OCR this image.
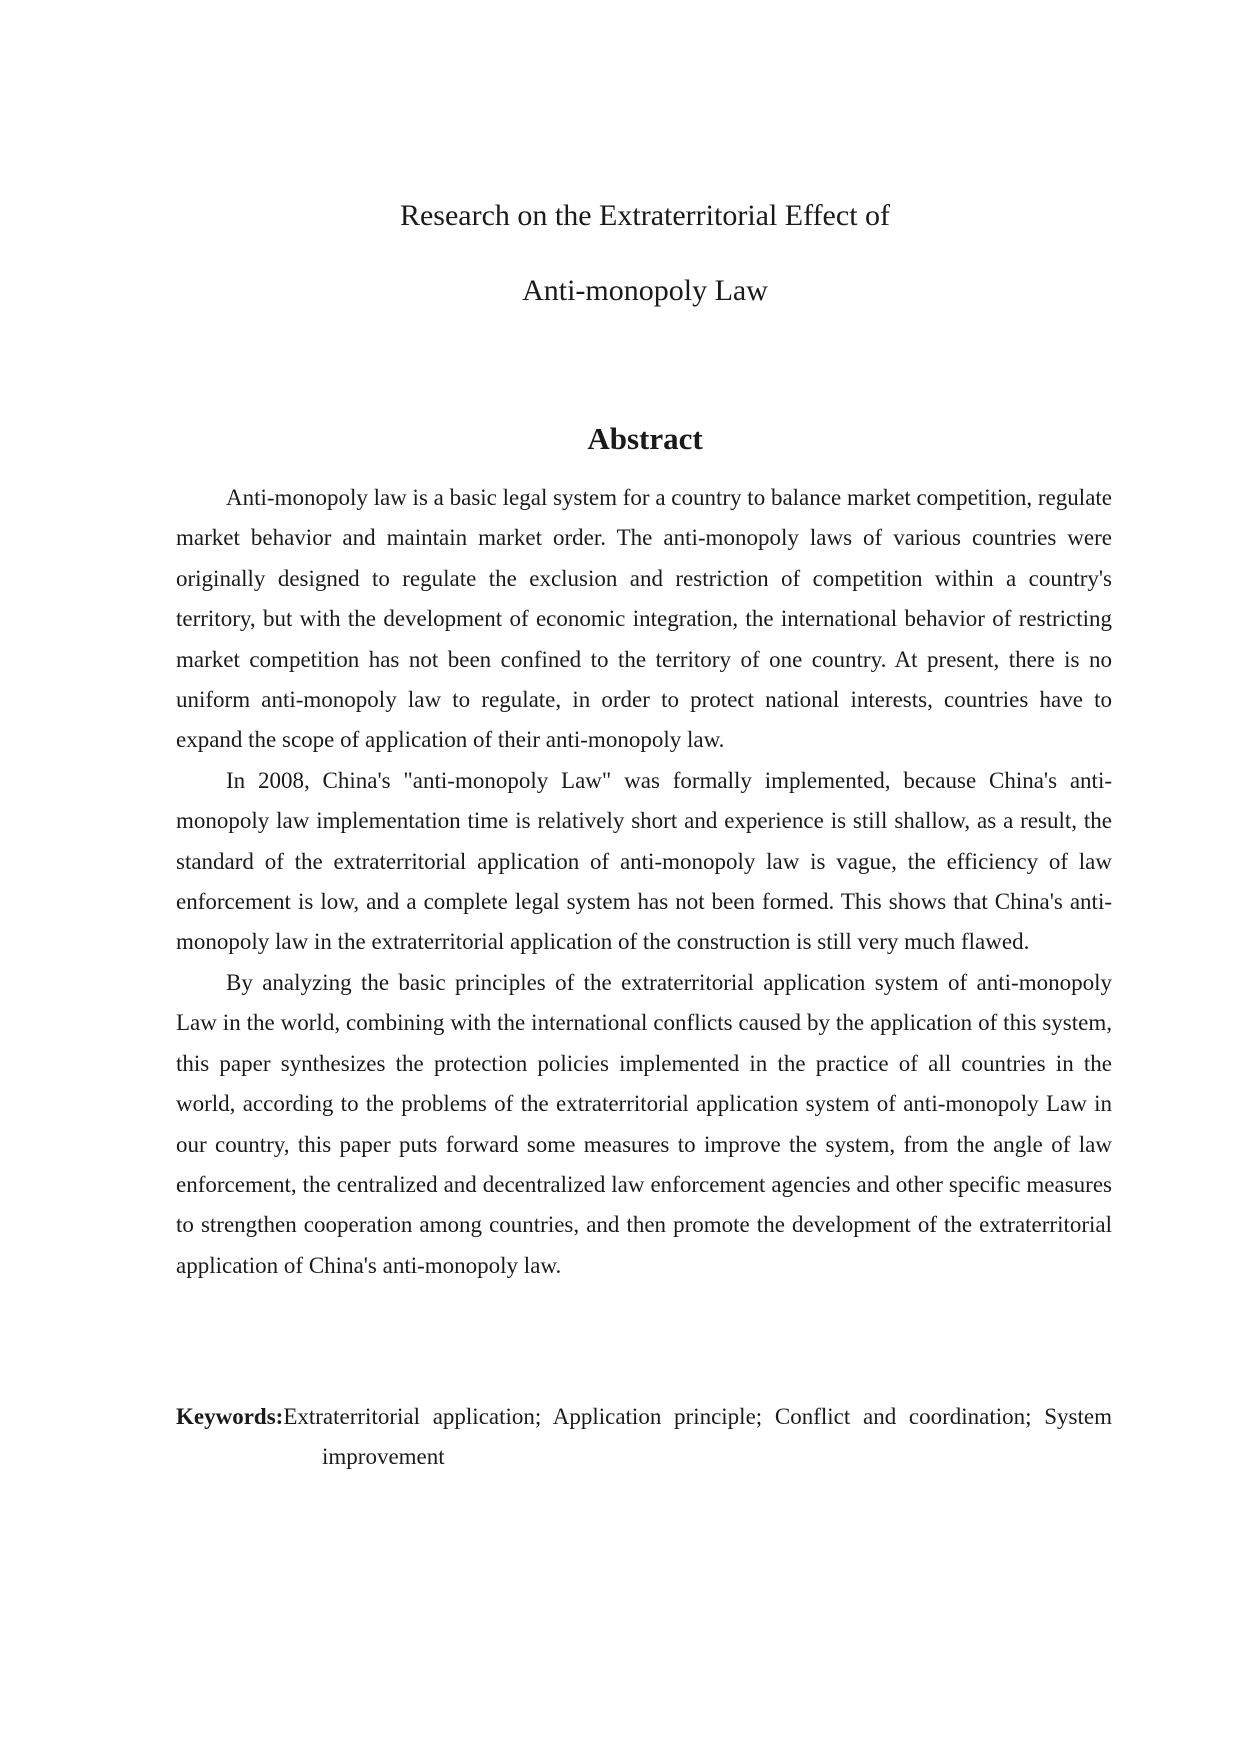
Research on the Extraterritorial Effect of
Anti-monopoly Law
Abstract

Anti-monopoly law is a basic legal system for a country to balance market competition, regulate market behavior and maintain market order. The anti-monopoly laws of various countries were originally designed to regulate the exclusion and restriction of competition within a country's territory, but with the development of economic integration, the international behavior of restricting market competition has not been confined to the territory of one country. At present, there is no uniform anti-monopoly law to regulate, in order to protect national interests, countries have to expand the scope of application of their anti-monopoly law.

In 2008, China's "anti-monopoly Law" was formally implemented, because China's anti-monopoly law implementation time is relatively short and experience is still shallow, as a result, the standard of the extraterritorial application of anti-monopoly law is vague, the efficiency of law enforcement is low, and a complete legal system has not been formed. This shows that China's anti-monopoly law in the extraterritorial application of the construction is still very much flawed.

By analyzing the basic principles of the extraterritorial application system of anti-monopoly Law in the world, combining with the international conflicts caused by the application of this system, this paper synthesizes the protection policies implemented in the practice of all countries in the world, according to the problems of the extraterritorial application system of anti-monopoly Law in our country, this paper puts forward some measures to improve the system, from the angle of law enforcement, the centralized and decentralized law enforcement agencies and other specific measures to strengthen cooperation among countries, and then promote the development of the extraterritorial application of China's anti-monopoly law.

Keywords:Extraterritorial application; Application principle; Conflict and coordination; System improvement
